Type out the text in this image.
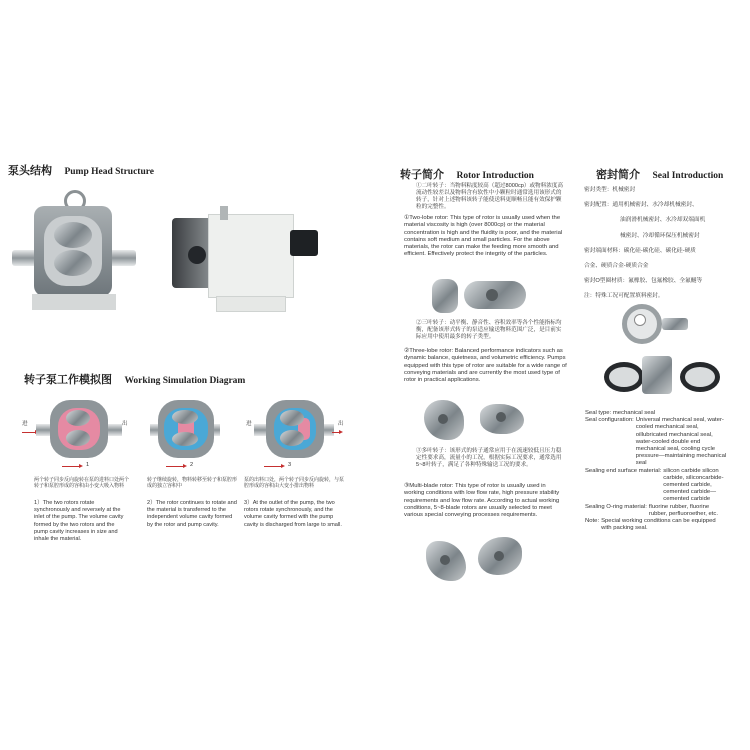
泵头结构 Pump Head Structure
转子泵工作模拟图 Working Simulation Diagram
进	出
1	2
进	出
3
两个转子同步反向旋转在泵的进料口处两个转子和泵腔形成的容积由小变大吸入物料
1）The two rotors rotate synchronously and reversely at the inlet of the pump. The volume cavity formed by the two rotors and the pump cavity increases in size and inhale the material.
转子继续旋转，物料转移至转子和泵腔形成的独立容积中
2）The rotor continues to rotate and the material is transferred to the independent volume cavity formed by the rotor and pump cavity.
泵的出料口处，两个转子同步反向旋转，与泵腔形成的容积由大变小排出物料
3）At the outlet of the pump, the two rotors rotate synchronously, and the volume cavity formed with the pump cavity is discharged from large to small.
转子简介 Rotor Introduction
①二叶转子：当物料粘度较高（超过8000cp）或物料浓度高流动性较差以及物料含有软性中小颗粒时通常选用该形式的转子，针对上述物料该转子能使送料更顺畅且能有效保护颗粒的完整性。
①Two-lobe rotor: This type of rotor is usually used when the material viscosity is high (over 8000cp) or the material concentration is high and the fluidity is poor, and the material contains soft medium and small particles. For the above materials, the rotor can make the feeding more smooth and efficient. Effectively protect the integrity of the particles.
②三叶转子：动平衡、静音性、容积效率等各个性能指标均衡，配备该形式转子的泵适应输送物料范围广泛，是目前实际应用中使用最多的转子类型。
②Three-lobe rotor: Balanced performance indicators such as dynamic balance, quietness, and volumetric efficiency. Pumps equipped with this type of rotor are suitable for a wide range of conveying materials and are currently the most used type of rotor in practical applications.
③多叶转子：该形式的转子通常应用于在流速较低且压力稳定性要求高，流量小的工况，根据实际工况要求，通常选用5~8叶转子，满足了各种特殊输送工况的要求。
③Multi-blade rotor: This type of rotor is usually used in working conditions with low flow rate, high pressure stability requirements and low flow rate. According to actual working conditions, 5~8-blade rotors are usually selected to meet various special conveying processes requirements.
密封简介 Seal Introduction
密封类型：机械密封
密封配置：通用机械密封、水冷却机械密封、
油润滑机械密封、水冷却双端面机
械密封、冷却循环保压机械密封
密封端面材料：碳化硅-碳化硅、碳化硅-硬质
合金、硬质合金-硬质合金
密封O型圈材质：氟橡胶、包氟橡胶、全氟醚等
注：特殊工况可配置填料密封。
Seal type: mechanical seal
Seal configuration: Universal mechanical seal, water-cooled mechanical seal, oillubricated mechanical seal, water-cooled double end mechanical seal, cooling cycle pressure—maintaining mechanical seal
Sealing end surface material: silicon carbide silicon carbide, siliconcarbide-cemented carbide, cemented carbide—cemented carbide
Sealing O-ring material: fluorine rubber, fluorine rubber, perfluoroether, etc.
Note: Special working conditions can be equipped with packing seal.
